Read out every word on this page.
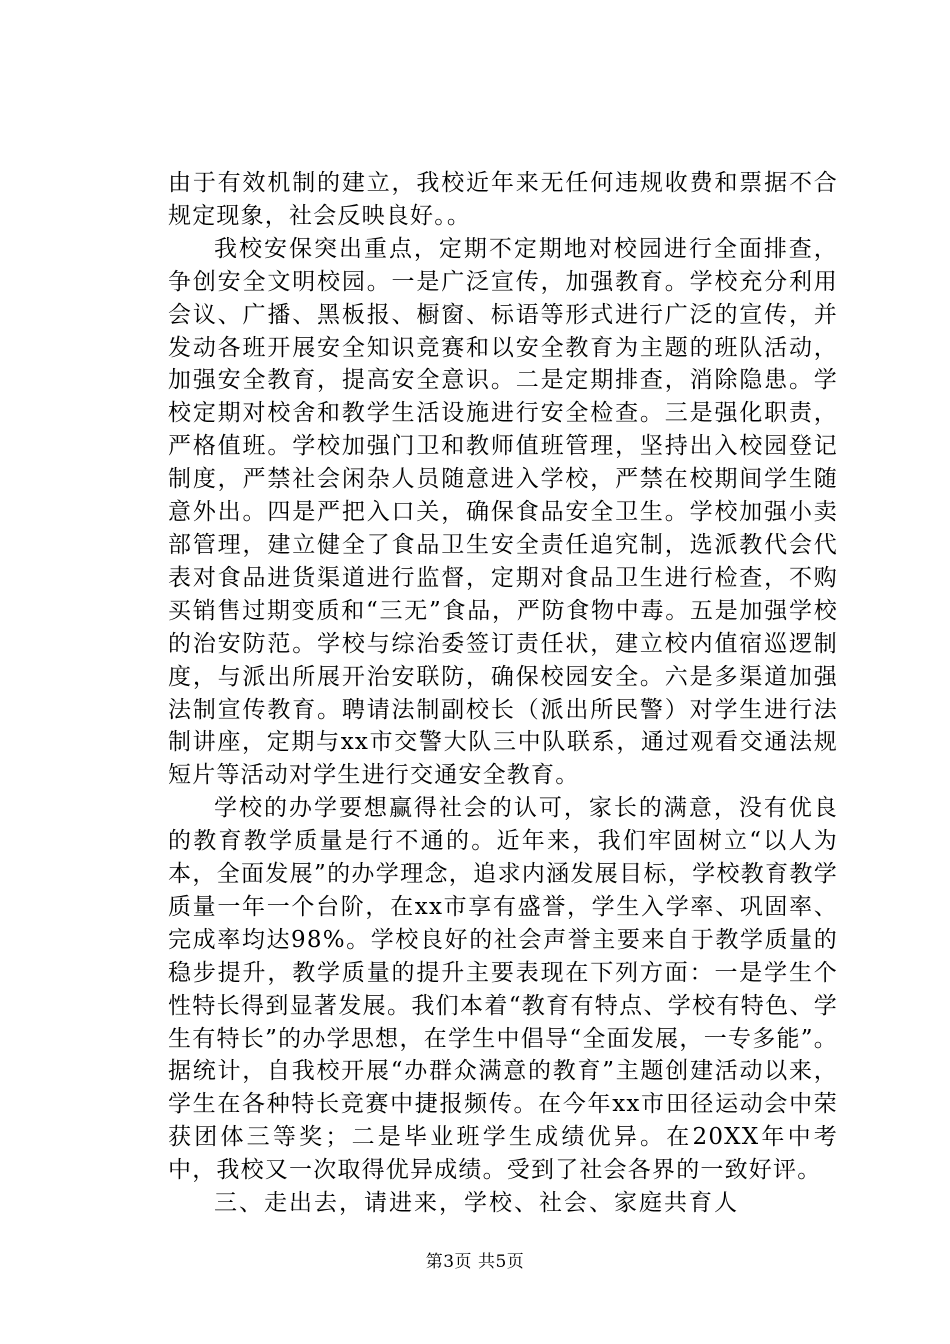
由于有效机制的建立，我校近年来无任何违规收费和票据不合规定现象，社会反映良好。。

我校安保突出重点，定期不定期地对校园进行全面排查，争创安全文明校园。一是广泛宣传，加强教育。学校充分利用会议、广播、黑板报、橱窗、标语等形式进行广泛的宣传，并发动各班开展安全知识竞赛和以安全教育为主题的班队活动，加强安全教育，提高安全意识。二是定期排查，消除隐患。学校定期对校舍和教学生活设施进行安全检查。三是强化职责，严格值班。学校加强门卫和教师值班管理，坚持出入校园登记制度，严禁社会闲杂人员随意进入学校，严禁在校期间学生随意外出。四是严把入口关，确保食品安全卫生。学校加强小卖部管理，建立健全了食品卫生安全责任追究制，选派教代会代表对食品进货渠道进行监督，定期对食品卫生进行检查，不购买销售过期变质和“三无”食品，严防食物中毒。五是加强学校的治安防范。学校与综治委签订责任状，建立校内值宿巡逻制度，与派出所展开治安联防，确保校园安全。六是多渠道加强法制宣传教育。聘请法制副校长（派出所民警）对学生进行法制讲座，定期与xx市交警大队三中队联系，通过观看交通法规短片等活动对学生进行交通安全教育。

学校的办学要想赢得社会的认可，家长的满意，没有优良的教育教学质量是行不通的。近年来，我们牢固树立“以人为本，全面发展”的办学理念，追求内涵发展目标，学校教育教学质量一年一个台阶，在xx市享有盛誉，学生入学率、巩固率、完成率均达98%。学校良好的社会声誉主要来自于教学质量的稳步提升，教学质量的提升主要表现在下列方面：一是学生个性特长得到显著发展。我们本着“教育有特点、学校有特色、学生有特长”的办学思想，在学生中倡导“全面发展，一专多能”。据统计，自我校开展“办群众满意的教育”主题创建活动以来，学生在各种特长竞赛中捷报频传。在今年xx市田径运动会中荣获团体三等奖；二是毕业班学生成绩优异。在20XX年中考中，我校又一次取得优异成绩。受到了社会各界的一致好评。

三、走出去，请进来，学校、社会、家庭共育人

第3页 共5页
